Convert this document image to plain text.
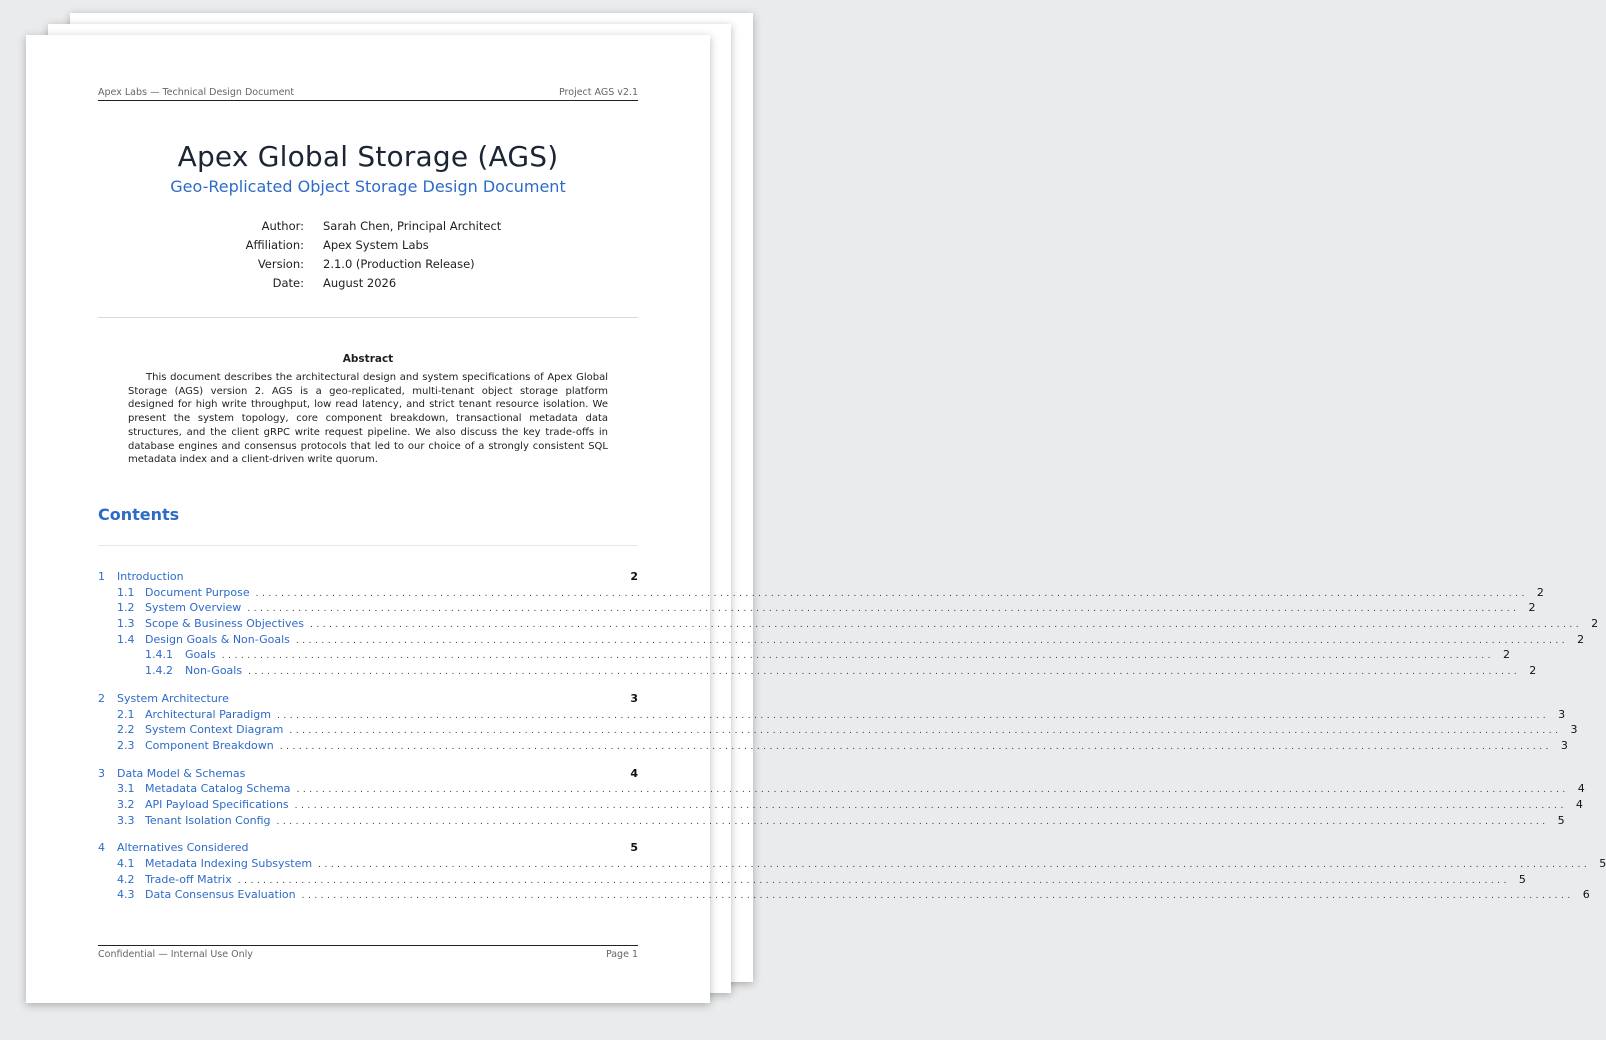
Apex Labs — Technical Design Document	Project AGS v2.1
Apex Global Storage (AGS)
Geo-Replicated Object Storage Design Document
Author:	Sarah Chen, Principal Architect
Affiliation:	Apex System Labs
Version:	2.1.0 (Production Release)
Date:	August 2026
Abstract
This document describes the architectural design and system specifications of Apex Global Storage (AGS) version 2. AGS is a geo-replicated, multi-tenant object storage platform designed for high write throughput, low read latency, and strict tenant resource isolation. We present the system topology, core component breakdown, transactional metadata data structures, and the client gRPC write request pipeline. We also discuss the key trade-offs in database engines and consensus protocols that led to our choice of a strongly consistent SQL metadata index and a client-driven write quorum.
Contents
1	Introduction	2
1.1 Document Purpose ........................................................................................................................................................................................................ 2
1.2 System Overview ........................................................................................................................................................................................................ 2
1.3 Scope & Business Objectives ........................................................................................................................................................................................................ 2
1.4 Design Goals & Non-Goals ........................................................................................................................................................................................................ 2
1.4.1	Goals ........................................................................................................................................................................................................ 2
1.4.2	Non-Goals ........................................................................................................................................................................................................ 2
2	System Architecture	3
2.1 Architectural Paradigm ........................................................................................................................................................................................................ 3
2.2 System Context Diagram ........................................................................................................................................................................................................ 3
2.3 Component Breakdown ........................................................................................................................................................................................................ 3
3	Data Model & Schemas	4
3.1 Metadata Catalog Schema ........................................................................................................................................................................................................ 4
3.2 API Payload Specifications ........................................................................................................................................................................................................ 4
3.3 Tenant Isolation Config ........................................................................................................................................................................................................ 5
4	Alternatives Considered	5
4.1 Metadata Indexing Subsystem ........................................................................................................................................................................................................ 5
4.2 Trade-off Matrix ........................................................................................................................................................................................................ 5
4.3 Data Consensus Evaluation ........................................................................................................................................................................................................ 6
Confidential — Internal Use Only	Page 1
